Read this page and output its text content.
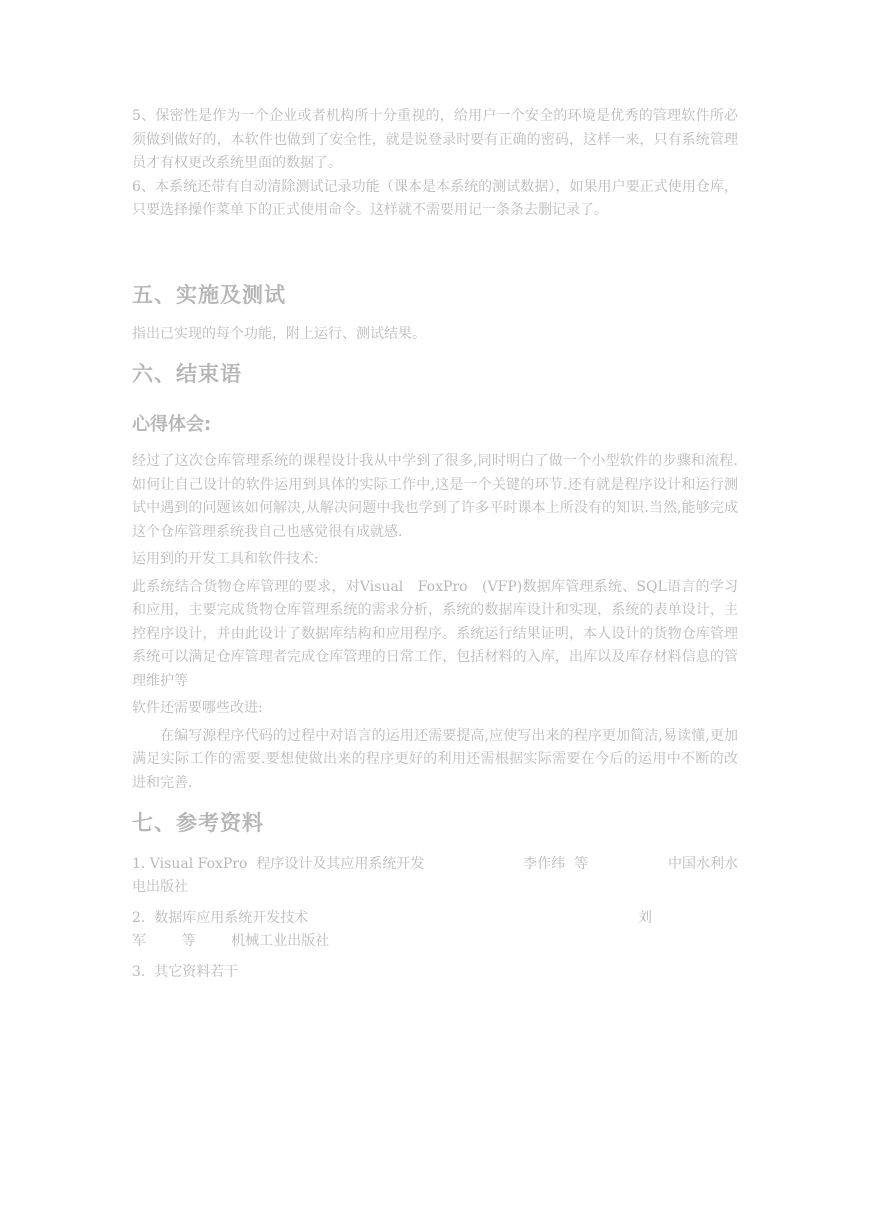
5、保密性是作为一个企业或者机构所十分重视的，给用户一个安全的环境是优秀的管理软件所必须做到做好的，本软件也做到了安全性，就是说登录时要有正确的密码，这样一来，只有系统管理员才有权更改系统里面的数据了。

6、本系统还带有自动清除测试记录功能（课本是本系统的测试数据），如果用户要正式使用仓库，只要选择操作菜单下的正式使用命令。这样就不需要用记一条条去删记录了。

五、实施及测试

指出已实现的每个功能，附上运行、测试结果。

六、结束语
心得体会:

经过了这次仓库管理系统的课程设计我从中学到了很多,同时明白了做一个小型软件的步骤和流程.如何让自己设计的软件运用到具体的实际工作中,这是一个关键的环节.还有就是程序设计和运行测试中遇到的问题该如何解决,从解决问题中我也学到了许多平时课本上所没有的知识.当然,能够完成这个仓库管理系统我自己也感觉很有成就感.

运用到的开发工具和软件技术:

此系统结合货物仓库管理的要求，对Visual　FoxPro　(VFP)数据库管理系统、SQL语言的学习和应用，主要完成货物仓库管理系统的需求分析，系统的数据库设计和实现，系统的表单设计，主控程序设计，并由此设计了数据库结构和应用程序。系统运行结果证明，本人设计的货物仓库管理系统可以满足仓库管理者完成仓库管理的日常工作，包括材料的入库，出库以及库存材料信息的管理维护等

软件还需要哪些改进:

在编写源程序代码的过程中对语言的运用还需要提高,应使写出来的程序更加简洁,易读懂,更加满足实际工作的需要.要想使做出来的程序更好的利用还需根据实际需要在今后的运用中不断的改进和完善.

七、参考资料
1. Visual FoxPro  程序设计及其应用系统开发	李作纬  等	中国水利水
电出版社
2.  数据库应用系统开发技术	刘
军        等        机械工业出版社
3.  其它资料若干
